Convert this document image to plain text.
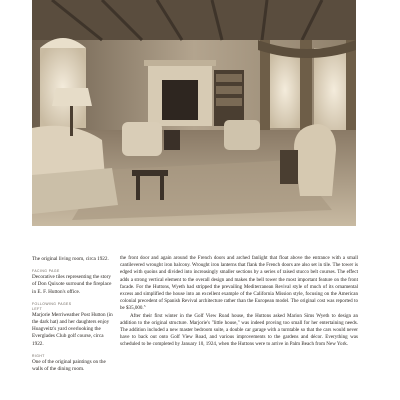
The original living room, circa 1922.

FACING PAGE

Decorative tiles representing the story of Don Quixote surround the fireplace in E. F. Hutton's office.

FOLLOWING PAGES

LEFT

Marjorie Merriweather Post Hutton (in the dark hat) and her daughters enjoy Hoagveitz's yard overlooking the Everglades Club golf course, circa 1922.

RIGHT

One of the original paintings on the walls of the dining room.

the front door and again around the French doors and arched fanlight that float above the entrance with a small cantilevered wrought iron balcony. Wrought iron lanterns that flank the French doors are also set in tile. The tower is edged with quoins and divided into increasingly smaller sections by a series of raised stucco belt courses. The effect adds a strong vertical element to the overall design and makes the bell tower the most important feature on the front facade. For the Huttons, Wyeth had stripped the prevailing Mediterranean Revival style of much of its ornamental excess and simplified the house into an excellent example of the California Mission style, focusing on the American colonial precedent of Spanish Revival architecture rather than the European model. The original cost was reported to be $35,000.$^5$

After their first winter in the Golf View Road house, the Huttons asked Marion Sims Wyeth to design an addition to the original structure. Marjorie's "little house," was indeed proving too small for her entertaining needs. The addition included a new master bedroom suite, a double car garage with a turntable so that the cars would never have to back out onto Golf View Road, and various improvements to the gardens and décor. Everything was scheduled to be completed by January 10, 1924, when the Huttons were to arrive in Palm Beach from New York.
